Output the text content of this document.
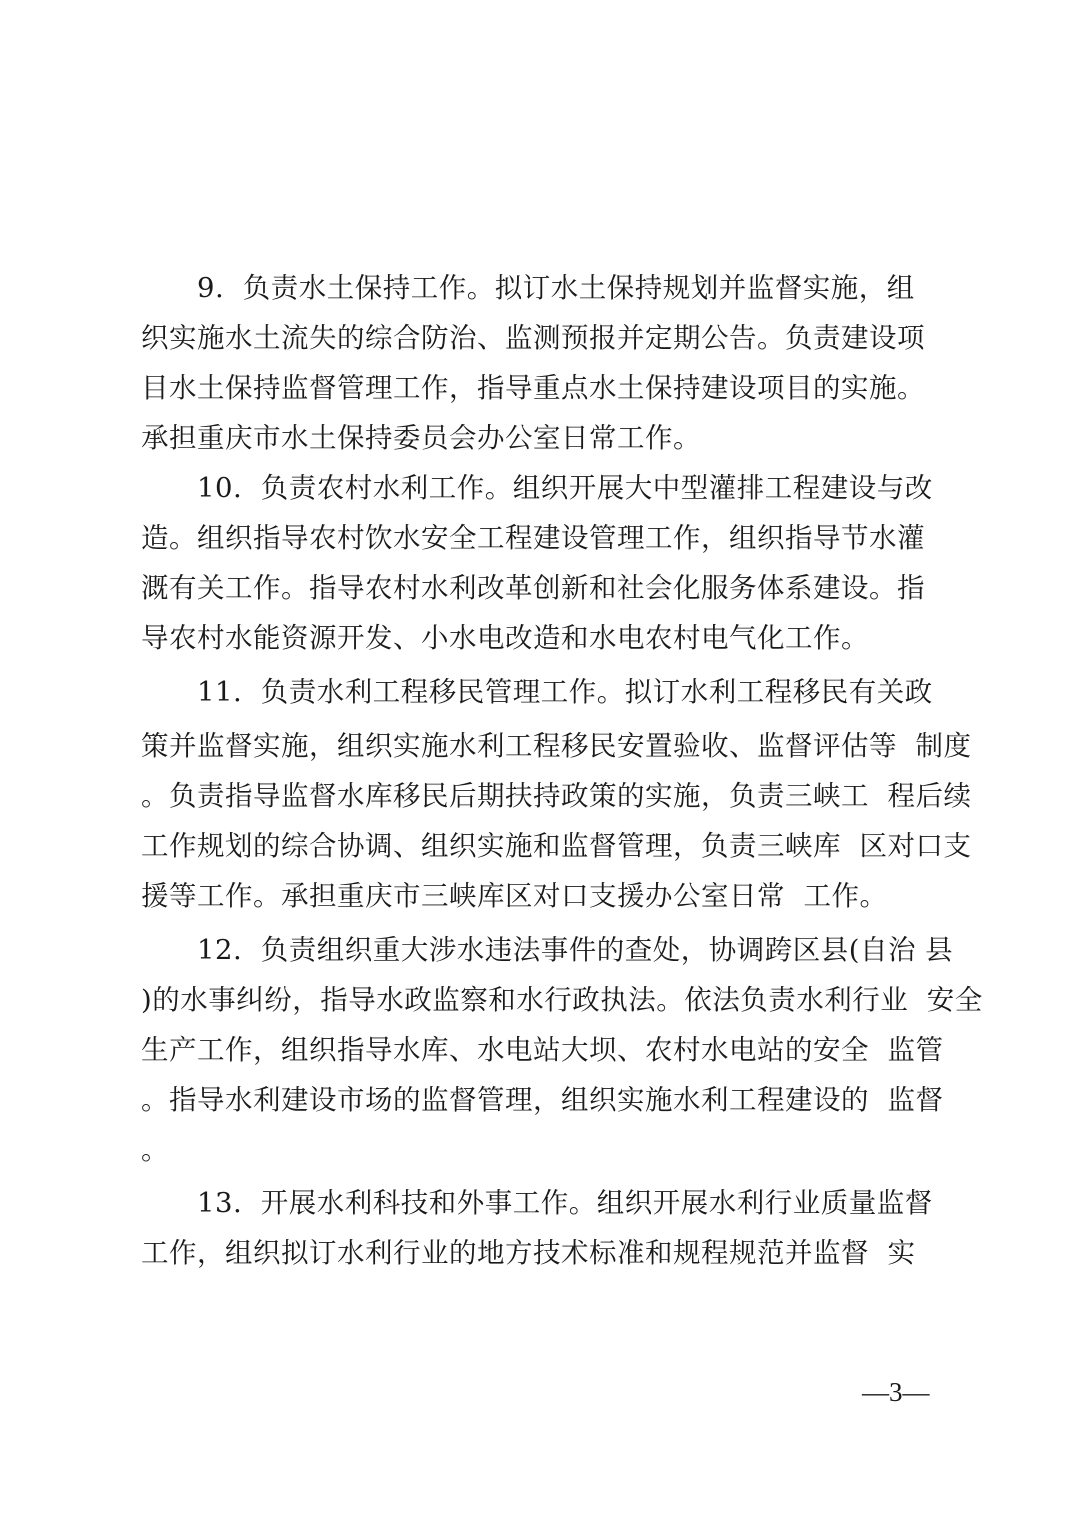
9.  负责水土保持工作。拟订水土保持规划并监督实施，组
织实施水土流失的综合防治、监测预报并定期公告。负责建设项
目水土保持监督管理工作，指导重点水土保持建设项目的实施。
承担重庆市水土保持委员会办公室日常工作。
10.  负责农村水利工作。组织开展大中型灌排工程建设与改
造。组织指导农村饮水安全工程建设管理工作，组织指导节水灌
溉有关工作。指导农村水利改革创新和社会化服务体系建设。指
导农村水能资源开发、小水电改造和水电农村电气化工作。
11.  负责水利工程移民管理工作。拟订水利工程移民有关政
策并监督实施，组织实施水利工程移民安置验收、监督评估等  制度
。负责指导监督水库移民后期扶持政策的实施，负责三峡工  程后续
工作规划的综合协调、组织实施和监督管理，负责三峡库  区对口支
援等工作。承担重庆市三峡库区对口支援办公室日常  工作。
12.  负责组织重大涉水违法事件的查处，协调跨区县(自治 县
)的水事纠纷，指导水政监察和水行政执法。依法负责水利行业  安全
生产工作，组织指导水库、水电站大坝、农村水电站的安全  监管
。指导水利建设市场的监督管理，组织实施水利工程建设的  监督
。
13.  开展水利科技和外事工作。组织开展水利行业质量监督
工作，组织拟订水利行业的地方技术标准和规程规范并监督  实
—3—
